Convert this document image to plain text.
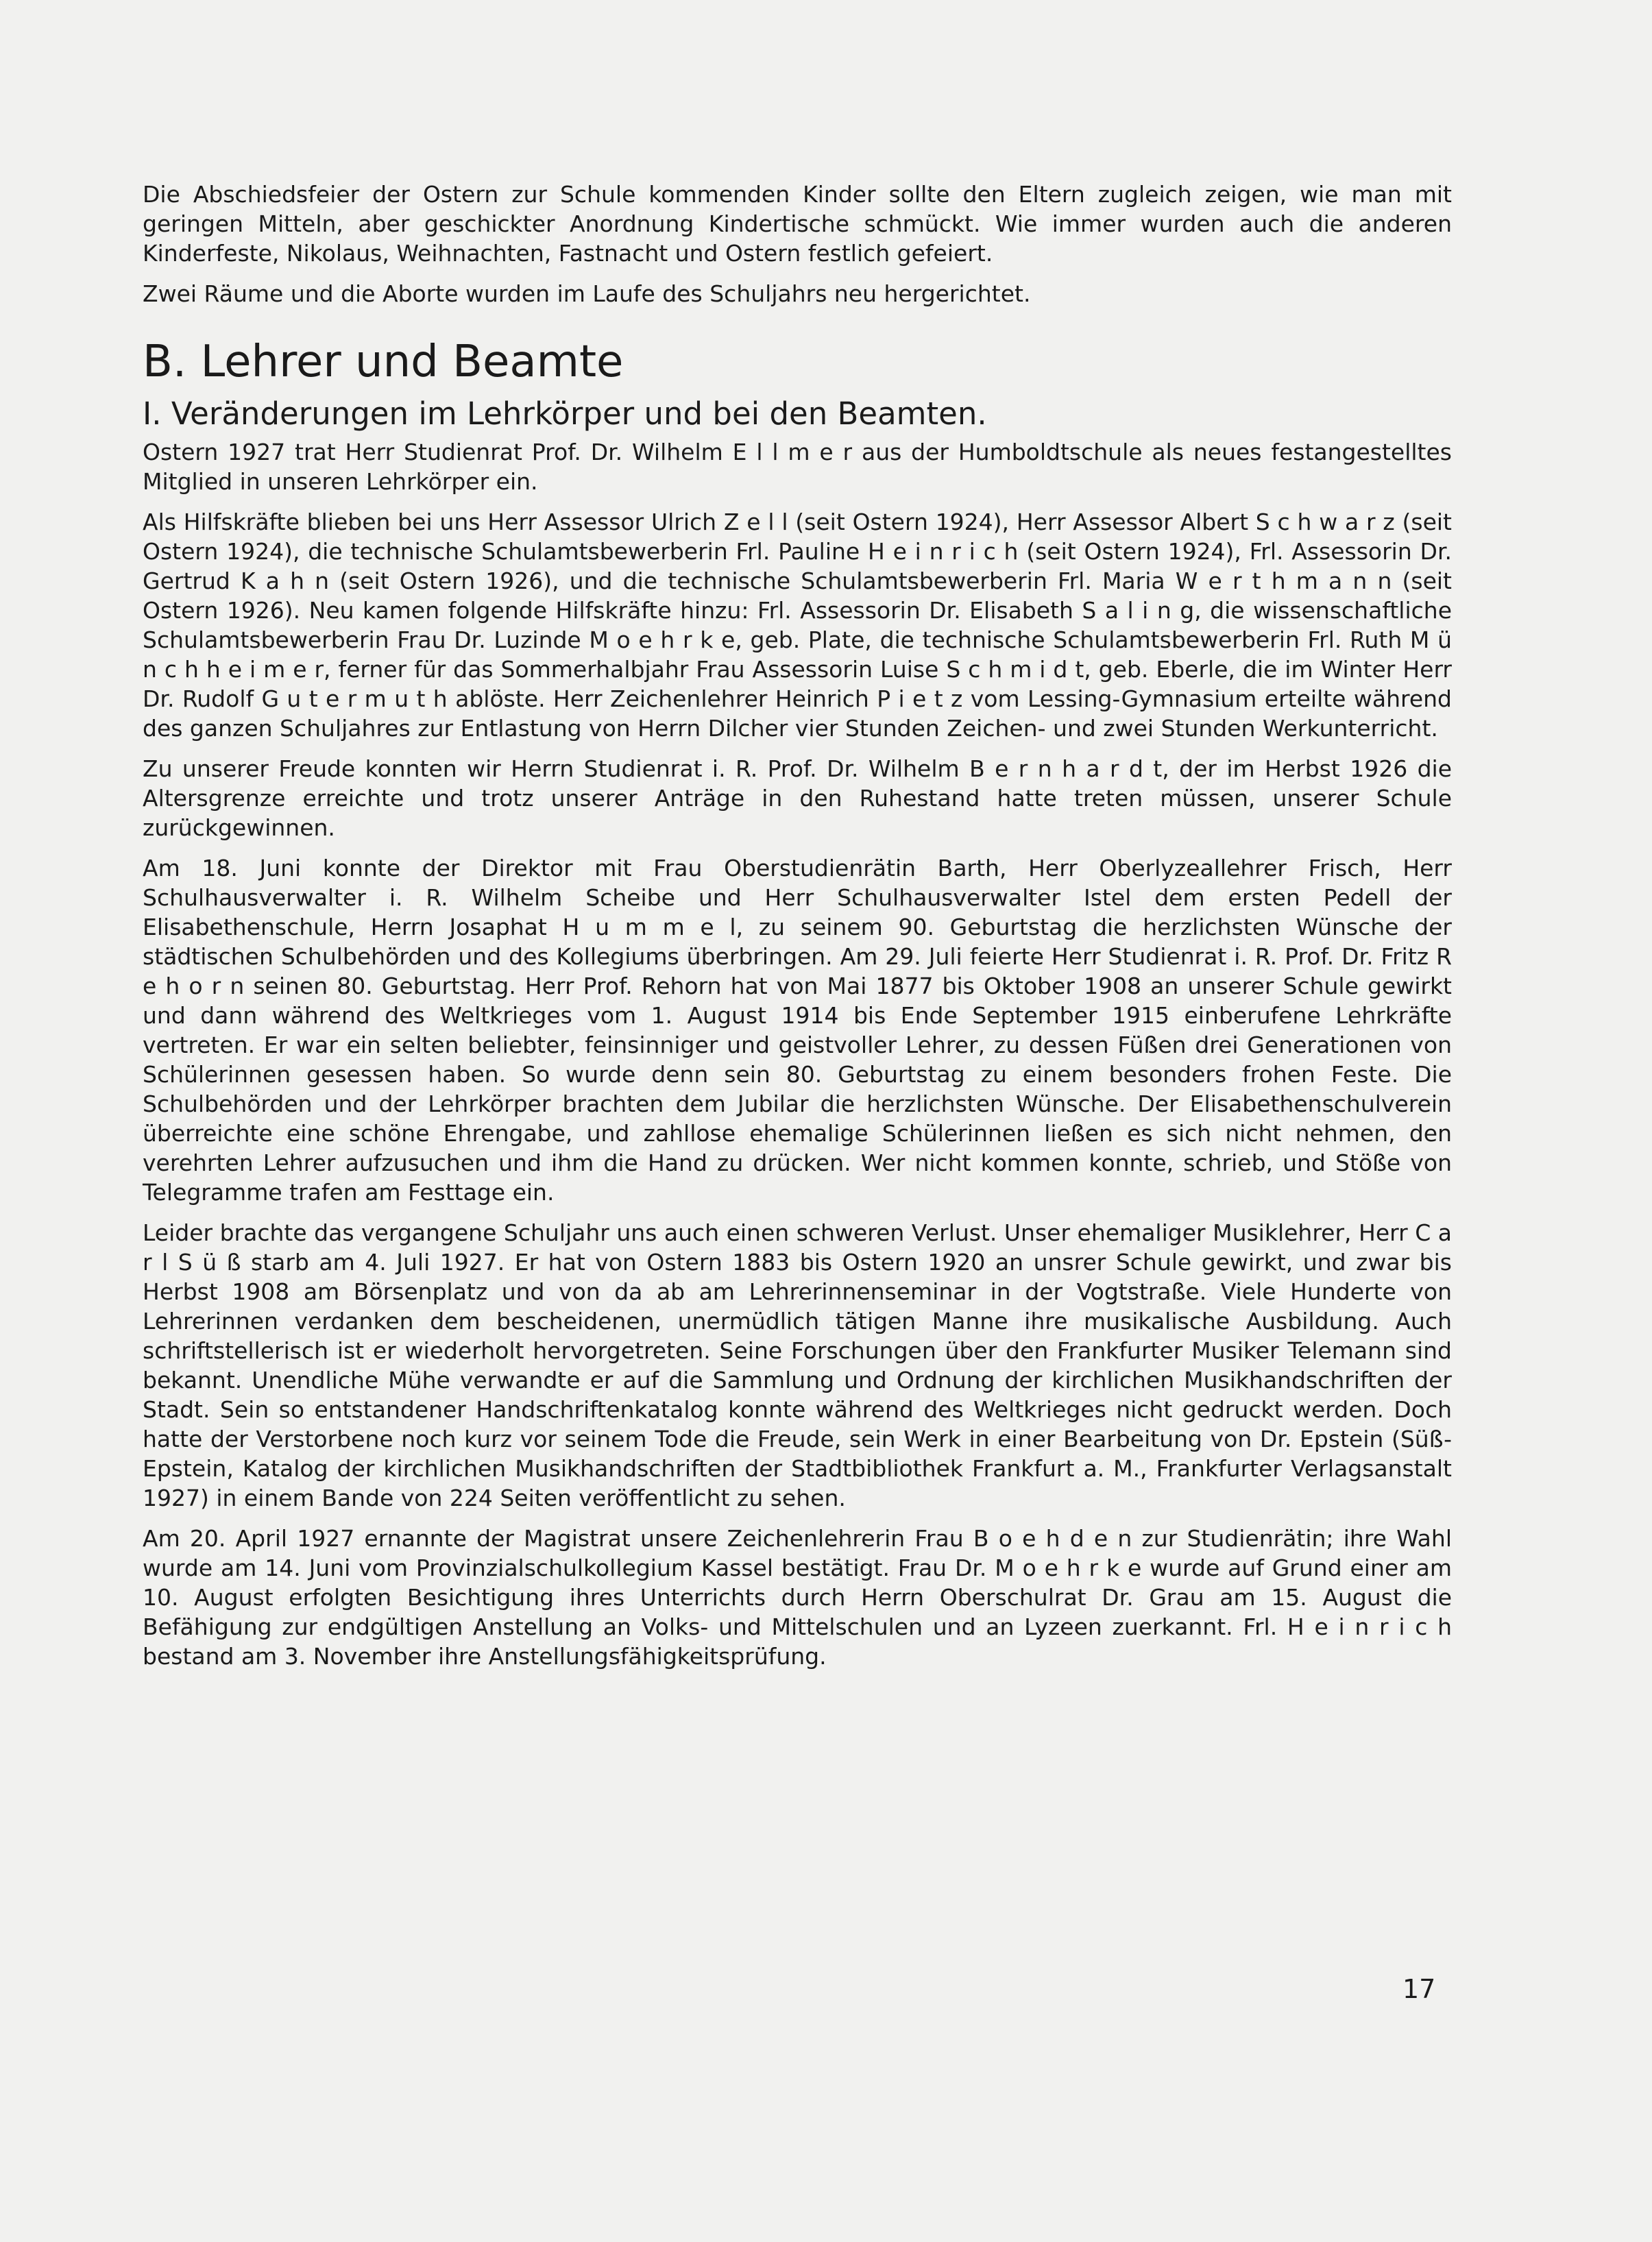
Die Abschiedsfeier der Ostern zur Schule kommenden Kinder sollte den Eltern zugleich zeigen, wie man mit geringen Mitteln, aber geschickter Anordnung Kindertische schmückt. Wie immer wurden auch die anderen Kinderfeste, Nikolaus, Weihnachten, Fastnacht und Ostern festlich gefeiert.

Zwei Räume und die Aborte wurden im Laufe des Schuljahrs neu hergerichtet.

B. Lehrer und Beamte
I. Veränderungen im Lehrkörper und bei den Beamten.

Ostern 1927 trat Herr Studienrat Prof. Dr. Wilhelm E l l m e r aus der Humboldtschule als neues festangestelltes Mitglied in unseren Lehrkörper ein.

Als Hilfskräfte blieben bei uns Herr Assessor Ulrich Z e l l (seit Ostern 1924), Herr Assessor Albert S c h w a r z (seit Ostern 1924), die technische Schulamtsbewerberin Frl. Pauline H e i n r i c h (seit Ostern 1924), Frl. Assessorin Dr. Gertrud K a h n (seit Ostern 1926), und die technische Schulamtsbewerberin Frl. Maria W e r t h m a n n (seit Ostern 1926). Neu kamen folgende Hilfskräfte hinzu: Frl. Assessorin Dr. Elisabeth S a l i n g, die wissenschaftliche Schulamtsbewerberin Frau Dr. Luzinde M o e h r k e, geb. Plate, die technische Schulamtsbewerberin Frl. Ruth M ü n c h h e i m e r, ferner für das Sommerhalbjahr Frau Assessorin Luise S c h m i d t, geb. Eberle, die im Winter Herr Dr. Rudolf G u t e r m u t h ablöste. Herr Zeichenlehrer Heinrich P i e t z vom Lessing-Gymnasium erteilte während des ganzen Schuljahres zur Entlastung von Herrn Dilcher vier Stunden Zeichen- und zwei Stunden Werkunterricht.

Zu unserer Freude konnten wir Herrn Studienrat i. R. Prof. Dr. Wilhelm B e r n h a r d t, der im Herbst 1926 die Altersgrenze erreichte und trotz unserer Anträge in den Ruhestand hatte treten müssen, unserer Schule zurückgewinnen.

Am 18. Juni konnte der Direktor mit Frau Oberstudienrätin Barth, Herr Oberlyzeallehrer Frisch, Herr Schulhausverwalter i. R. Wilhelm Scheibe und Herr Schulhausverwalter Istel dem ersten Pedell der Elisabethenschule, Herrn Josaphat H u m m e l, zu seinem 90. Geburtstag die herzlichsten Wünsche der städtischen Schulbehörden und des Kollegiums überbringen. Am 29. Juli feierte Herr Studienrat i. R. Prof. Dr. Fritz R e h o r n seinen 80. Geburtstag. Herr Prof. Rehorn hat von Mai 1877 bis Oktober 1908 an unserer Schule gewirkt und dann während des Weltkrieges vom 1. August 1914 bis Ende September 1915 einberufene Lehrkräfte vertreten. Er war ein selten beliebter, feinsinniger und geistvoller Lehrer, zu dessen Füßen drei Generationen von Schülerinnen gesessen haben. So wurde denn sein 80. Geburtstag zu einem besonders frohen Feste. Die Schulbehörden und der Lehrkörper brachten dem Jubilar die herzlichsten Wünsche. Der Elisabethenschulverein überreichte eine schöne Ehrengabe, und zahllose ehemalige Schülerinnen ließen es sich nicht nehmen, den verehrten Lehrer aufzusuchen und ihm die Hand zu drücken. Wer nicht kommen konnte, schrieb, und Stöße von Telegramme trafen am Festtage ein.

Leider brachte das vergangene Schuljahr uns auch einen schweren Verlust. Unser ehemaliger Musiklehrer, Herr C a r l S ü ß starb am 4. Juli 1927. Er hat von Ostern 1883 bis Ostern 1920 an unsrer Schule gewirkt, und zwar bis Herbst 1908 am Börsenplatz und von da ab am Lehrerinnenseminar in der Vogtstraße. Viele Hunderte von Lehrerinnen verdanken dem bescheidenen, unermüdlich tätigen Manne ihre musikalische Ausbildung. Auch schriftstellerisch ist er wiederholt hervorgetreten. Seine Forschungen über den Frankfurter Musiker Telemann sind bekannt. Unendliche Mühe verwandte er auf die Sammlung und Ordnung der kirchlichen Musikhandschriften der Stadt. Sein so entstandener Handschriftenkatalog konnte während des Weltkrieges nicht gedruckt werden. Doch hatte der Verstorbene noch kurz vor seinem Tode die Freude, sein Werk in einer Bearbeitung von Dr. Epstein (Süß-Epstein, Katalog der kirchlichen Musikhandschriften der Stadtbibliothek Frankfurt a. M., Frankfurter Verlagsanstalt 1927) in einem Bande von 224 Seiten veröffentlicht zu sehen.

Am 20. April 1927 ernannte der Magistrat unsere Zeichenlehrerin Frau B o e h d e n zur Studienrätin; ihre Wahl wurde am 14. Juni vom Provinzialschulkollegium Kassel bestätigt. Frau Dr. M o e h r k e wurde auf Grund einer am 10. August erfolgten Besichtigung ihres Unterrichts durch Herrn Oberschulrat Dr. Grau am 15. August die Befähigung zur endgültigen Anstellung an Volks- und Mittelschulen und an Lyzeen zuerkannt. Frl. H e i n r i c h bestand am 3. November ihre Anstellungsfähigkeitsprüfung.

17
